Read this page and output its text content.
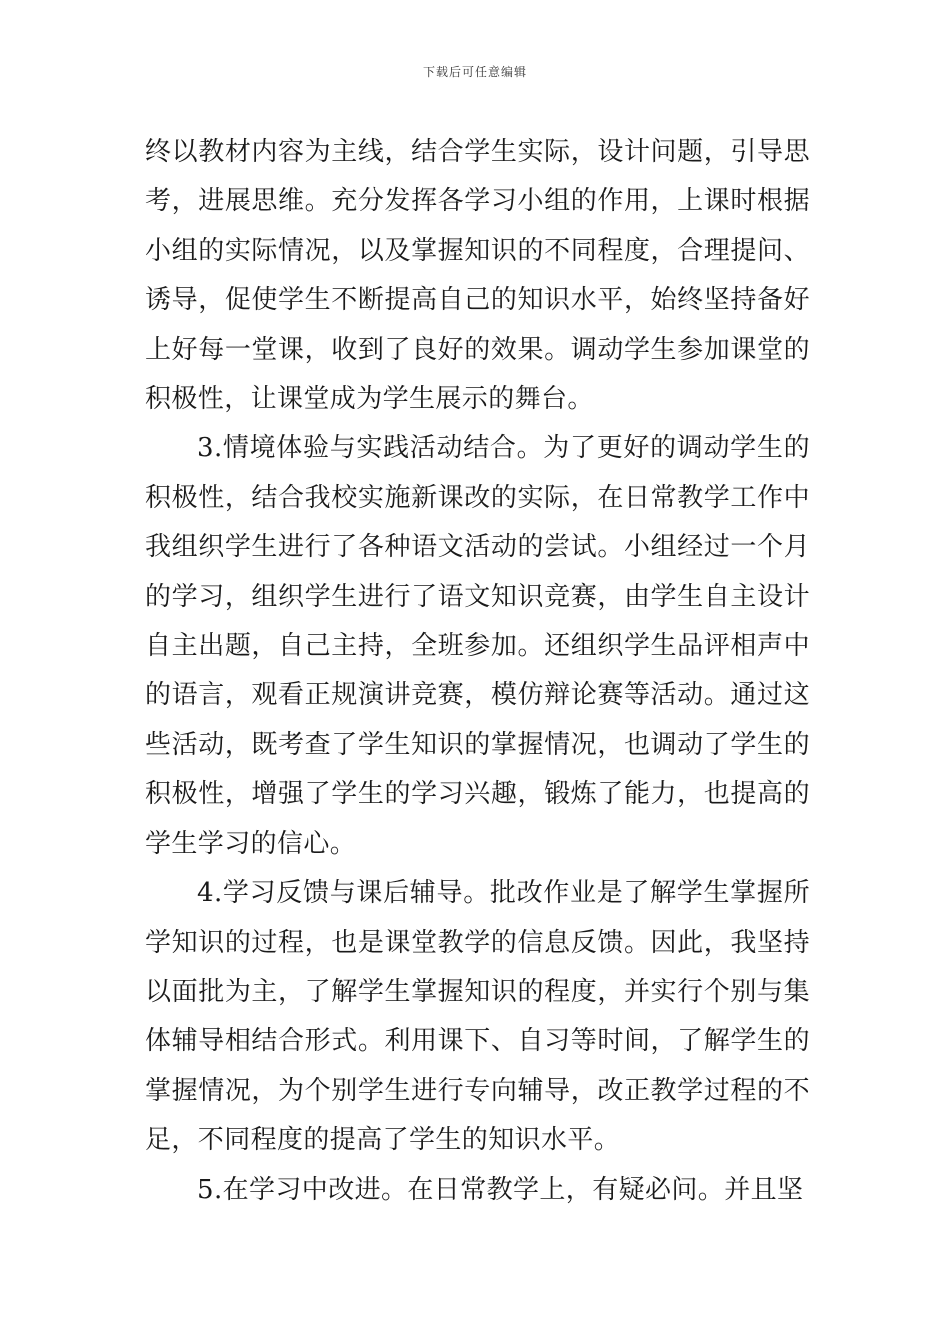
下载后可任意编辑

终以教材内容为主线，结合学生实际，设计问题，引导思考，进展思维。充分发挥各学习小组的作用，上课时根据小组的实际情况，以及掌握知识的不同程度，合理提问、诱导，促使学生不断提高自己的知识水平，始终坚持备好上好每一堂课，收到了良好的效果。调动学生参加课堂的积极性，让课堂成为学生展示的舞台。

3.情境体验与实践活动结合。为了更好的调动学生的积极性，结合我校实施新课改的实际，在日常教学工作中我组织学生进行了各种语文活动的尝试。小组经过一个月的学习，组织学生进行了语文知识竞赛，由学生自主设计自主出题，自己主持，全班参加。还组织学生品评相声中的语言，观看正规演讲竞赛，模仿辩论赛等活动。通过这些活动，既考查了学生知识的掌握情况，也调动了学生的积极性，增强了学生的学习兴趣，锻炼了能力，也提高的学生学习的信心。

4.学习反馈与课后辅导。批改作业是了解学生掌握所学知识的过程，也是课堂教学的信息反馈。因此，我坚持以面批为主，了解学生掌握知识的程度，并实行个别与集体辅导相结合形式。利用课下、自习等时间，了解学生的掌握情况，为个别学生进行专向辅导，改正教学过程的不足，不同程度的提高了学生的知识水平。

5.在学习中改进。在日常教学上，有疑必问。并且坚
